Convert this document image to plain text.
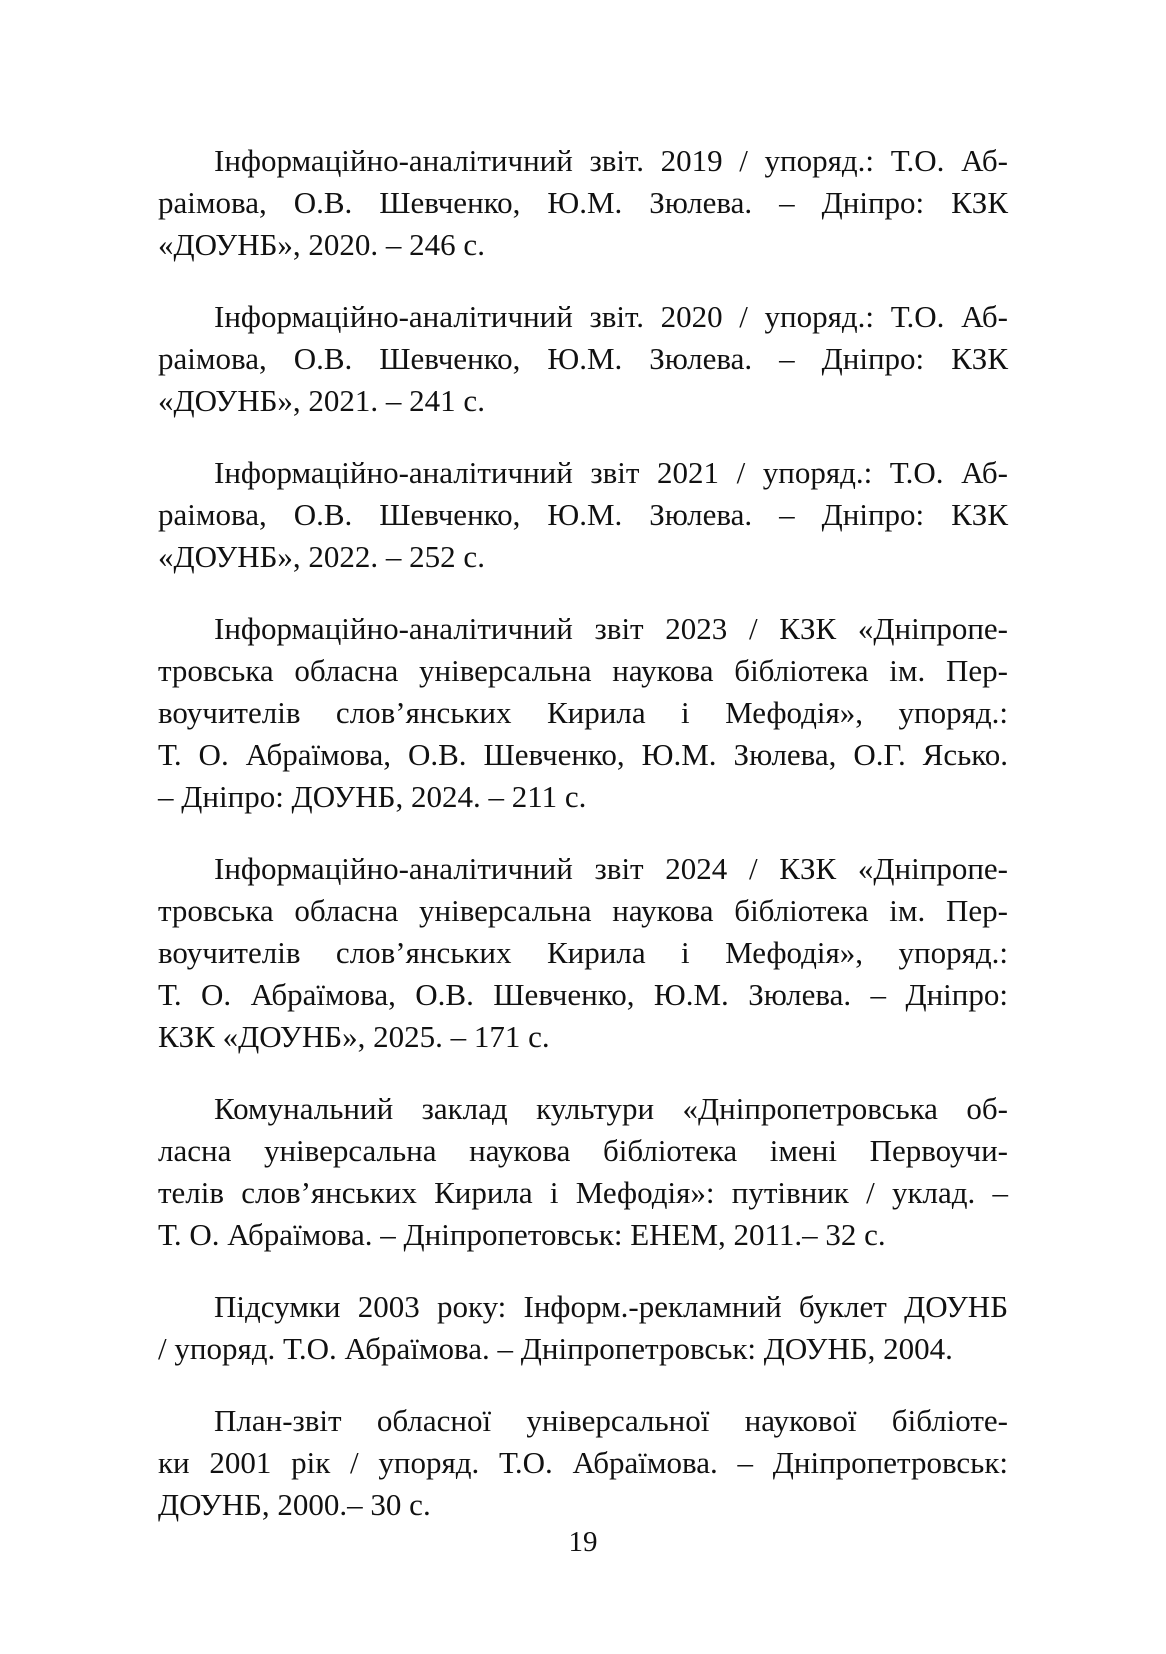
Інформаційно-аналітичний звіт. 2019 / упоряд.: Т.О. Аб-
раімова, О.В. Шевченко, Ю.М. Зюлева. – Дніпро: КЗК
«ДОУНБ», 2020. – 246 с.

Інформаційно-аналітичний звіт. 2020 / упоряд.: Т.О. Аб-
раімова, О.В. Шевченко, Ю.М. Зюлева. – Дніпро: КЗК
«ДОУНБ», 2021. – 241 с.

Інформаційно-аналітичний звіт 2021 / упоряд.: Т.О. Аб-
раімова, О.В. Шевченко, Ю.М. Зюлева. – Дніпро: КЗК
«ДОУНБ», 2022. – 252 с.

Інформаційно-аналітичний звіт 2023 / КЗК «Дніпропе-
тровська обласна універсальна наукова бібліотека ім. Пер-
воучителів слов’янських Кирила і Мефодія», упоряд.:
Т. О. Абраїмова, О.В. Шевченко, Ю.М. Зюлева, О.Г. Ясько.
– Дніпро: ДОУНБ, 2024. – 211 с.

Інформаційно-аналітичний звіт 2024 / КЗК «Дніпропе-
тровська обласна універсальна наукова бібліотека ім. Пер-
воучителів слов’янських Кирила і Мефодія», упоряд.:
Т. О. Абраїмова, О.В. Шевченко, Ю.М. Зюлева. – Дніпро:
КЗК «ДОУНБ», 2025. – 171 с.

Комунальний заклад культури «Дніпропетровська об-
ласна універсальна наукова бібліотека імені Первоучи-
телів слов’янських Кирила і Мефодія»: путівник / уклад. –
Т. О. Абраїмова. – Дніпропетовськ: ЕНЕМ, 2011.– 32 с.

Підсумки 2003 року: Інформ.-рекламний буклет ДОУНБ
/ упоряд. Т.О. Абраїмова. – Дніпропетровськ: ДОУНБ, 2004.

План-звіт обласної універсальної наукової бібліоте-
ки 2001 рік / упоряд. Т.О. Абраїмова. – Дніпропетровськ:
ДОУНБ, 2000.– 30 с.

19
